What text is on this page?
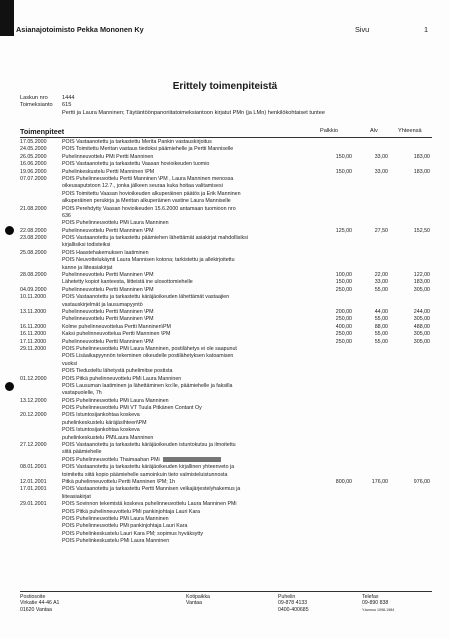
Asianajotoimisto Pekka Mononen Ky	Sivu	1
Erittely toimenpiteistä
Laskun nro	1444
Toimeksianto 615
Pertti ja Laura Manninen; Täytäntöönpanoriitatoimeksiantoon kirjatut PMn (ja LMn) henkilökohtaiset tuntee
Toimenpiteet	Palkkio	Alv	Yhteensä
17.05.2000	POIS Vastaanotettu ja tarkastettu Merita Pankin vastauskirjoitus
24.05.2000	POIS Toimitettu Meritan vastaus tiedoksi päämiehelle ja Pertti Manniselle
26.05.2000	Puhelinneuvottelu PMi Pertti Manninen	150,00	33,00	183,00
16.06.2000	POIS Vastaanotettu ja tarkastettu Vaasan hovioikeuden tuomio
19.06.2000	Puhelinkeskustelu Pertti Manninen \PM	150,00	33,00	183,00
07.07.2000	POIS Puhelinneuvottelu Pertti Manninen \PM , Laura Manninen menossa
oikeusaputstoon 12.7., jonka jälkeen seuraa kuka hoitaa valitamisesi
POIS Toimitettu Vaasan hovioikeuden alkuperäinen päätös ja Erik Manninen
alkuperäinen perukirja ja Meritan alkuperäinen vastine Laura Manniselle
21.08.2000	POIS Perehdytty Vaasan hovioikeuden 15.6.2000 antamaan tuomioon nro
636
POIS Puhelinneuvottelu PMi Laura Manninen
22.08.2000	Puhelinneuvottelu Pertti Manninen \PM	125,00	27,50	152,50
23.08.2000	POIS Vastaanotettu ja tarkastettu päämiehen lähettämät asiakirjat mahdollisiksi
kirjallisiksi todisteiksi
25.08.2000	POIS Haastehakemuksen laatiminen
POIS Neuvottelukäynti Laura Mannisen kotona; tarkistettu ja allekirjoitettu
kanne ja liiteasiakirjat
28.08.2000	Puhelinneuvottelu Pertti Manninen \PM	100,00	22,00	122,00
Lähetetty kopiot kanteesta, liitteistä ine ulosottomiehelle	150,00	33,00	183,00
04.09.2000	Puhelinneuvottelu Pertti Manninen \PM	250,00	55,00	305,00
10.11.2000	POIS Vastaanotettu ja tarkastettu käräjäoikeuden lähettämät vastaajien
vastauskirjelmät ja lausumapyyntö
13.11.2000	Puhelinneuvottelu Pertti Manninen \PM	200,00	44,00	244,00
Puhelinneuvottelu Pertti Manninen \PM	250,00	55,00	305,00
16.11.2000	Kolme puhelinneuvottelua Pertti Manninen\PM	400,00	88,00	488,00
16.11.2000	Kaksi puhelinneuvottelua Pertti Manninen \PM	250,00	55,00	305,00
17.11.2000	Puhelinneuvottelu Pertti Manninen \PM	250,00	55,00	305,00
29.11.2000	POIS Puhelinneuvottelu PMi Laura Manninen, postilähetys ei ole saapunut
POIS Lisäaikapyynnön tekeminen oikeudelle postilähetyksen katoamisen
vuoksi
POIS Tiedusteltu lähetystä puhelimitse postista
01.12.2000	POIS Pitkä puhelinneuvottelu PMi Laura Manninen
POIS Lausuman laatiminen ja lähettäminen ko:lle, päämiehelle ja faksilla
vastapuolelle, 7h
13.12.2000	POIS Puhelinneuvottelu PMi Laura Manninen
POIS Puhelinneuvottelu PMi VT Tuula Pitkänen Contant Oy
20.12.2000	POIS Istuntosijankohtaa koskeva
puhelinkeskustelu käräjäsihteeri\PM
POIS Istuntosijankohtaa koskeva
puhelinkeskustelu PM\Laura Manninen
27.12.2000	POIS Vastaanotettu ja tarkastettu käräjäoikeuden istuntokutsu ja ilmoitettu
siitä päämiehelle
POIS Puhelinneuvottelu Thaimaahan PMi
08.01.2001	POIS Vastaanotettu ja tarkastettu käräjäoikeuden kirjallinen yhteenveto ja
toimitettu siitä kopio päämiehelle samoinkuin tieto valmisteluistunnosta
12.01.2001	Pitkä puhelinneuvottelu Pertti Manninen \PM; 1h	800,00	176,00	976,00
17.01.2001	POIS Vastaanotettu ja tarkastettu Pertti Mannisen velkajärjestelyhakemus ja
liiteasiakirjat
29.01.2001	POIS Sovinnon tekemistä koskeva puhelinneuvottelu Laura Manninen PMi
POIS Pitkä puhelinneuvottelu PMi pankinjohtaja Lauri Kara
POIS Puhelinneuvottelu PMi Laura Manninen
POIS Puhelinneuvottelu PMi pankinjohtaja Lauri Kara
POIS Puhelinkeskustelu Lauri Kara PM; sopimus hyväksytty
POIS Puhelinkeskustelu PMi Laura Manninen
Postiosoite
Virkatie 44-46 A1
01620 Vantaa
Kotipaikka
Vantaa
Puhelin
09-878 4133
0400-400685
Telefax
09-890 838
Y-tunnus 1098-1984
